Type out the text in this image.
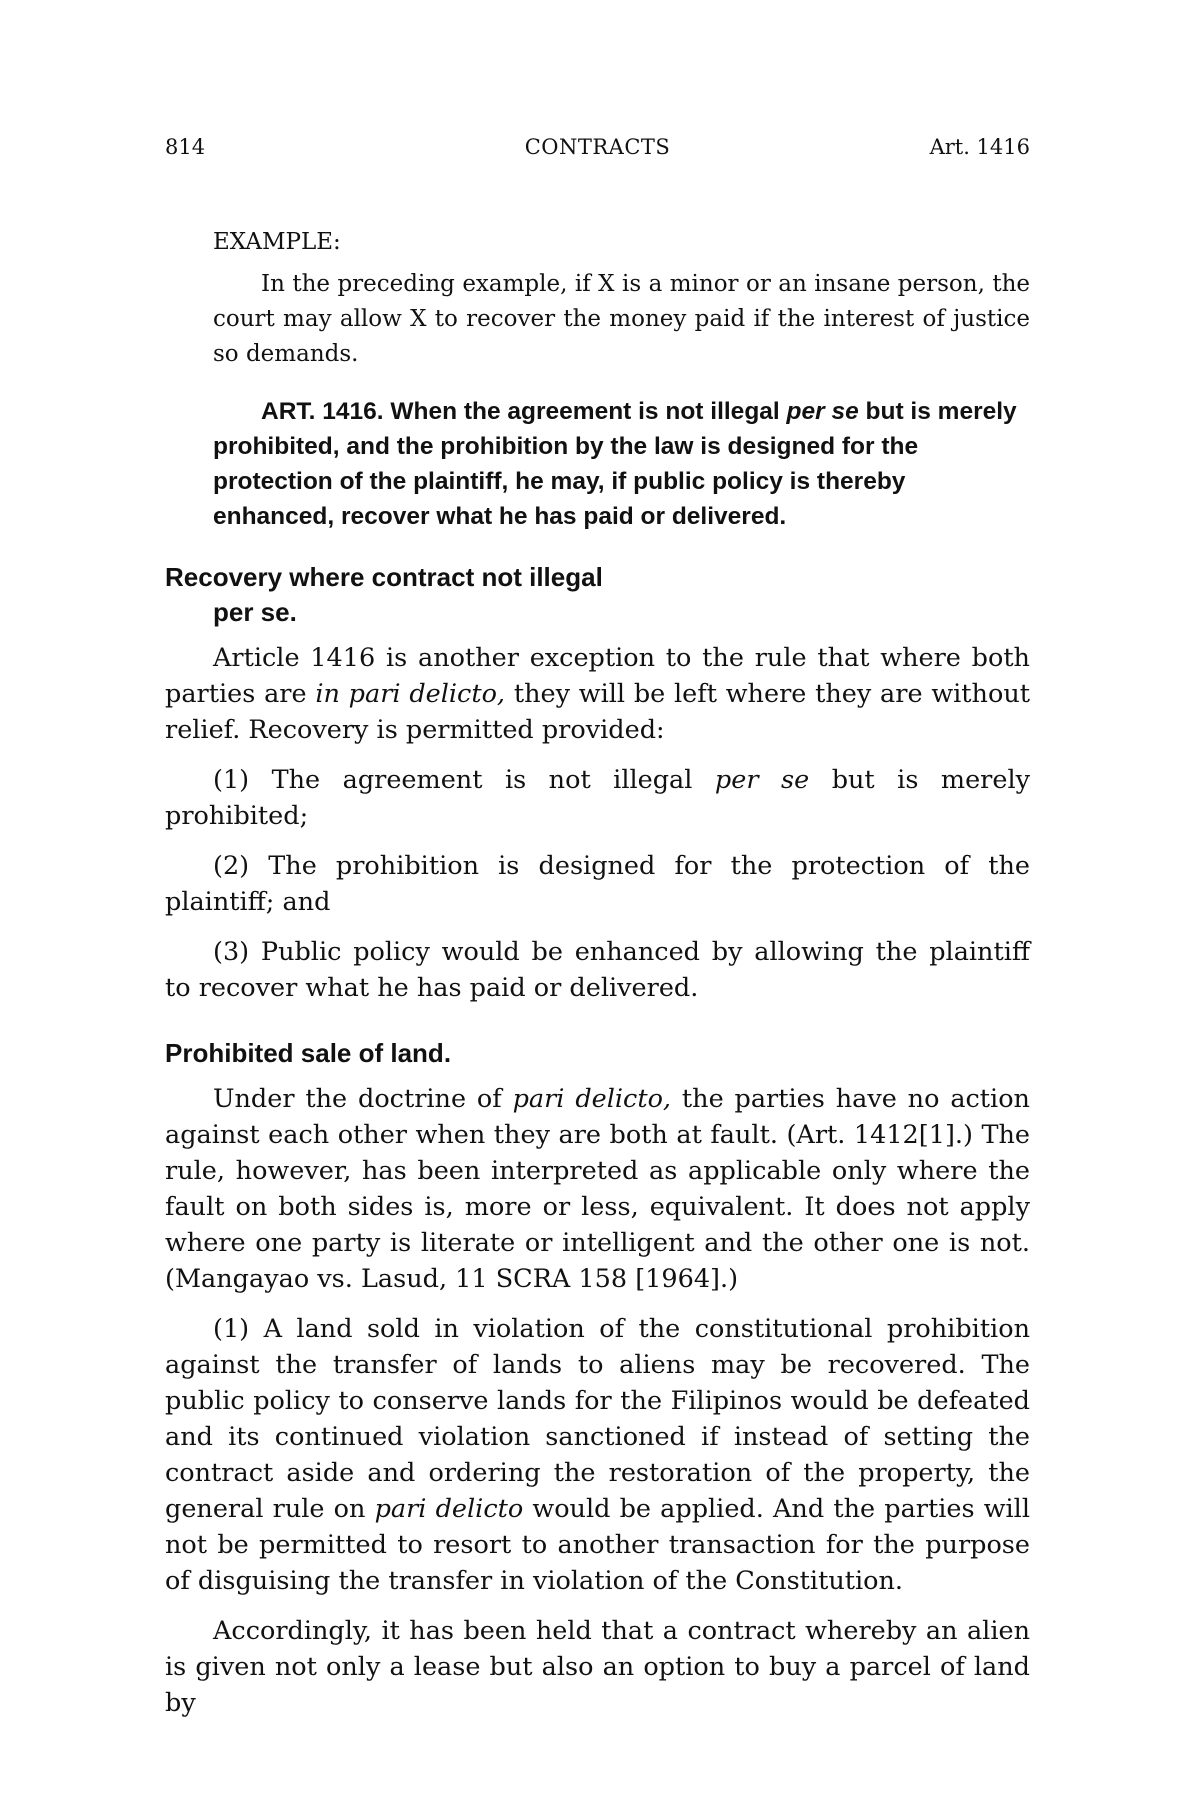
814	CONTRACTS	Art. 1416
EXAMPLE:

In the preceding example, if X is a minor or an insane person, the court may allow X to recover the money paid if the interest of justice so demands.

ART. 1416. When the agreement is not illegal per se but is merely prohibited, and the prohibition by the law is designed for the protection of the plaintiff, he may, if public policy is thereby enhanced, recover what he has paid or delivered.

Recovery where contract not illegal
per se.

Article 1416 is another exception to the rule that where both parties are in pari delicto, they will be left where they are without relief. Recovery is permitted provided:

(1) The agreement is not illegal per se but is merely prohibited;

(2) The prohibition is designed for the protection of the plaintiff; and

(3) Public policy would be enhanced by allowing the plaintiff to recover what he has paid or delivered.

Prohibited sale of land.

Under the doctrine of pari delicto, the parties have no action against each other when they are both at fault. (Art. 1412[1].) The rule, however, has been interpreted as applicable only where the fault on both sides is, more or less, equivalent. It does not apply where one party is literate or intelligent and the other one is not. (Mangayao vs. Lasud, 11 SCRA 158 [1964].)

(1) A land sold in violation of the constitutional prohibition against the transfer of lands to aliens may be recovered. The public policy to conserve lands for the Filipinos would be defeated and its continued violation sanctioned if instead of setting the contract aside and ordering the restoration of the property, the general rule on pari delicto would be applied. And the parties will not be permitted to resort to another transaction for the purpose of disguising the transfer in violation of the Constitution.

Accordingly, it has been held that a contract whereby an alien is given not only a lease but also an option to buy a parcel of land by
